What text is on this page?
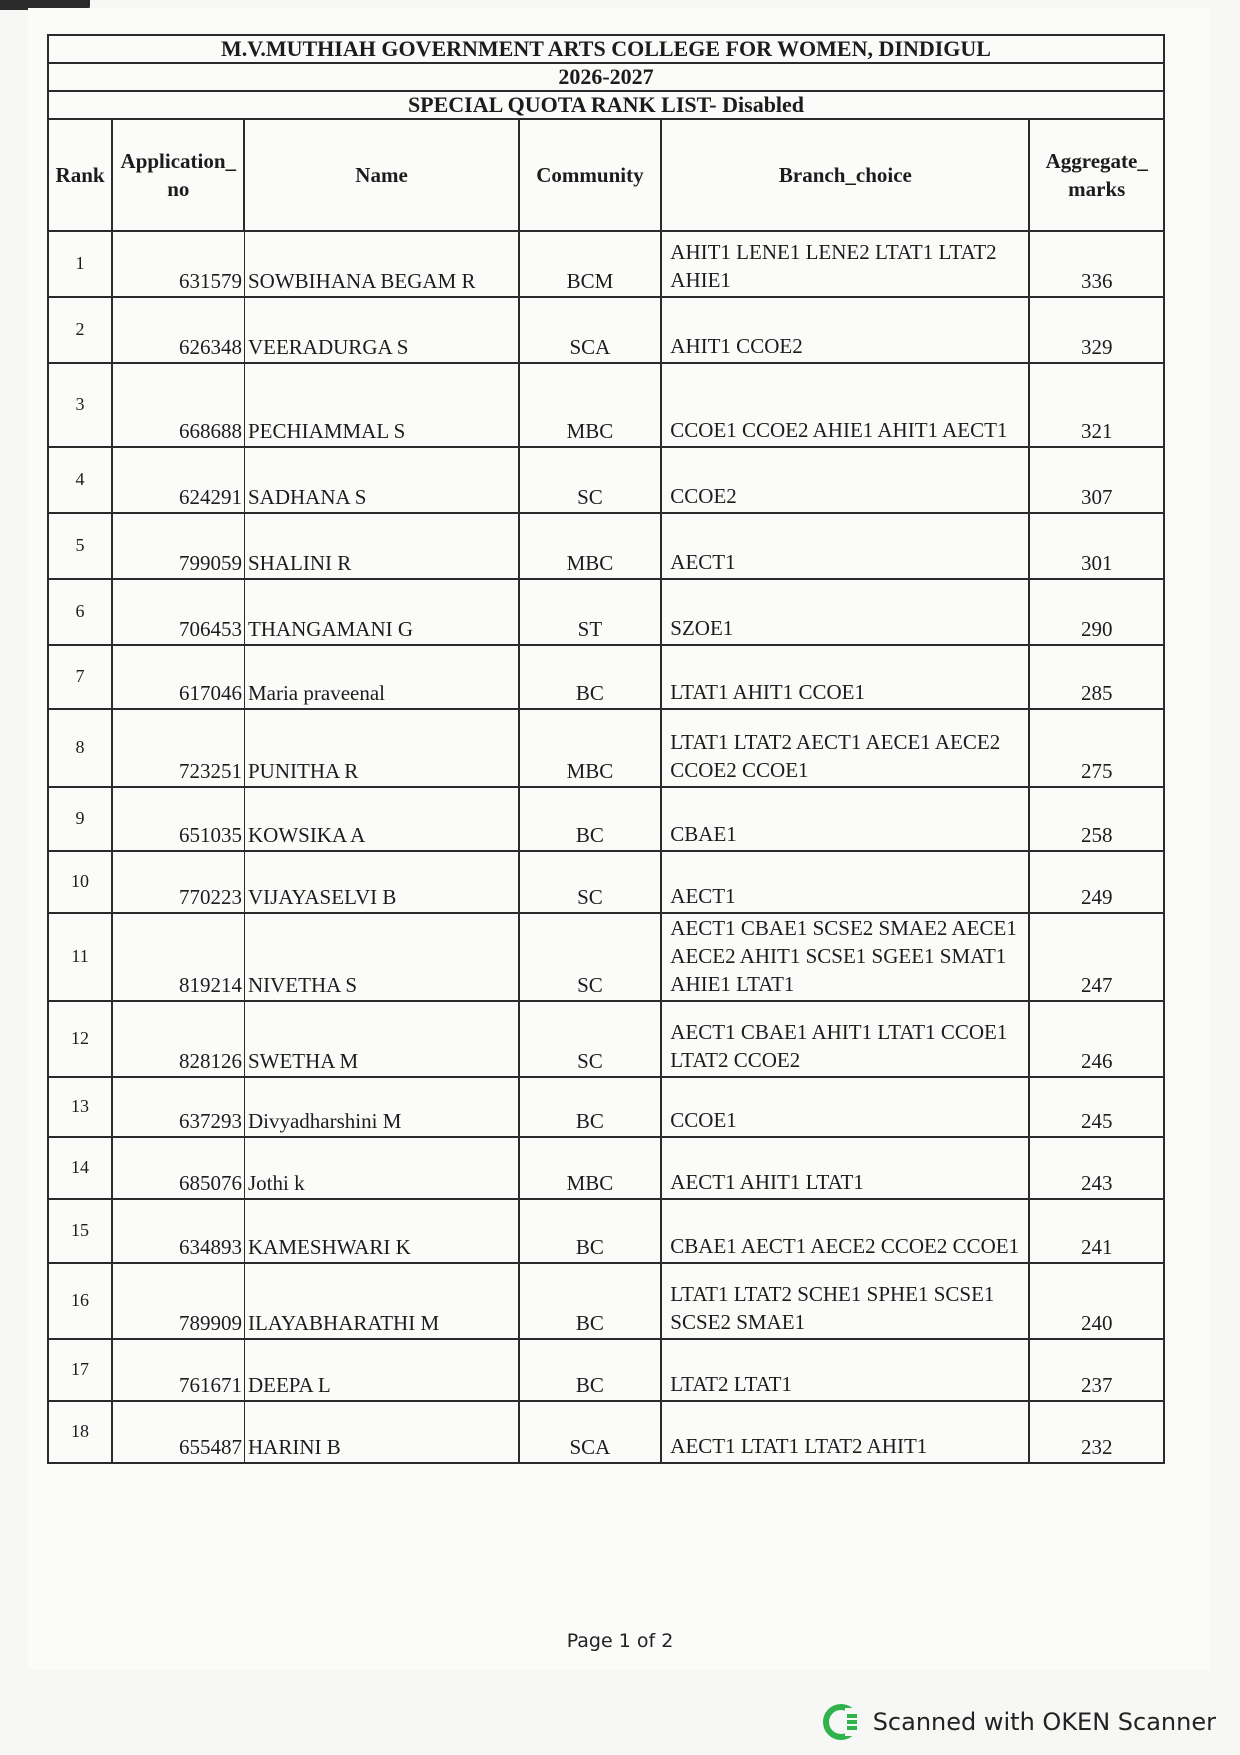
M.V.MUTHIAH GOVERNMENT ARTS COLLEGE FOR WOMEN, DINDIGUL					
2026-2027					
SPECIAL QUOTA RANK LIST- Disabled					
Rank	Application_ no	Name	Community	Branch_choice	Aggregate_ marks
1	631579	SOWBIHANA BEGAM R	BCM	AHIT1 LENE1 LENE2 LTAT1 LTAT2 AHIE1	336
2	626348	VEERADURGA S	SCA	AHIT1 CCOE2	329
3	668688	PECHIAMMAL S	MBC	CCOE1 CCOE2 AHIE1 AHIT1 AECT1	321
4	624291	SADHANA S	SC	CCOE2	307
5	799059	SHALINI R	MBC	AECT1	301
6	706453	THANGAMANI G	ST	SZOE1	290
7	617046	Maria praveenal	BC	LTAT1 AHIT1 CCOE1	285
8	723251	PUNITHA R	MBC	LTAT1 LTAT2 AECT1 AECE1 AECE2 CCOE2 CCOE1	275
9	651035	KOWSIKA A	BC	CBAE1	258
10	770223	VIJAYASELVI B	SC	AECT1	249
11	819214	NIVETHA S	SC	AECT1 CBAE1 SCSE2 SMAE2 AECE1 AECE2 AHIT1 SCSE1 SGEE1 SMAT1 AHIE1 LTAT1	247
12	828126	SWETHA M	SC	AECT1 CBAE1 AHIT1 LTAT1 CCOE1 LTAT2 CCOE2	246
13	637293	Divyadharshini M	BC	CCOE1	245
14	685076	Jothi k	MBC	AECT1 AHIT1 LTAT1	243
15	634893	KAMESHWARI K	BC	CBAE1 AECT1 AECE2 CCOE2 CCOE1	241
16	789909	ILAYABHARATHI M	BC	LTAT1 LTAT2 SCHE1 SPHE1 SCSE1 SCSE2 SMAE1	240
17	761671	DEEPA L	BC	LTAT2 LTAT1	237
18	655487	HARINI B	SCA	AECT1 LTAT1 LTAT2 AHIT1	232
Page 1 of 2
Scanned with OKEN Scanner
